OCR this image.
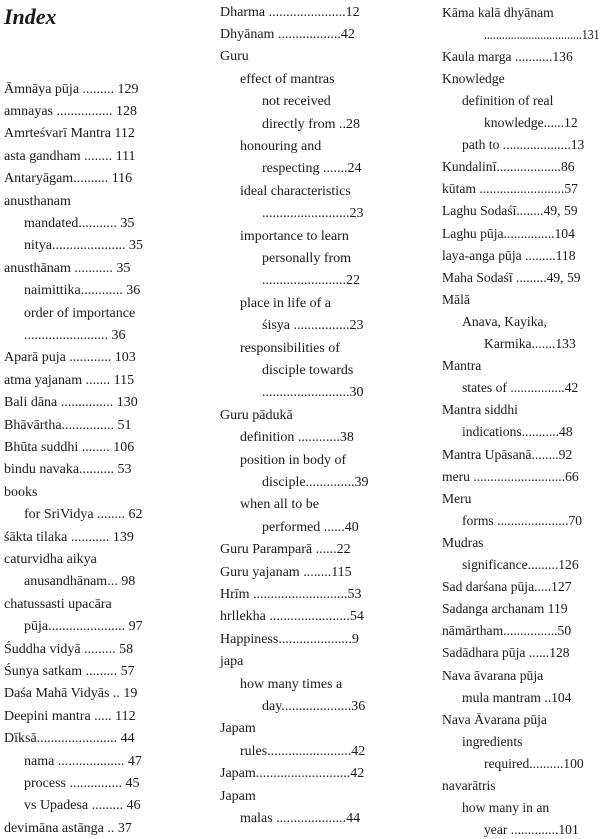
Index
Āmnāya pūja ......... 129
amnayas ................ 128
Amrteśvarī Mantra 112
asta gandham ........ 111
Antaryāgam.......... 116
anusthanam
mandated........... 35
nitya..................... 35
anusthānam ........... 35
naimittika............ 36
order of importance
........................ 36
Aparā puja ............ 103
atma yajanam ....... 115
Bali dāna ............... 130
Bhāvārtha............... 51
Bhūta suddhi ........ 106
bindu navaka.......... 53
books
for SriVidya ........ 62
śākta tilaka ........... 139
caturvidha aikya
anusandhānam... 98
chatussasti upacāra
pūja...................... 97
Śuddha vidyā ......... 58
Śunya satkam ......... 57
Daśa Mahā Vidyās .. 19
Deepini mantra ..... 112
Dīksā....................... 44
nama ................... 47
process ............... 45
vs Upadesa ......... 46
devimāna astānga .. 37
Dharma ......................12
Dhyānam ..................42
Guru
effect of mantras
not received
directly from ..28
honouring and
respecting .......24
ideal characteristics
.........................23
importance to learn
personally from
........................22
place in life of a
śisya ................23
responsibilities of
disciple towards
.........................30
Guru pādukā
definition ............38
position in body of
disciple..............39
when all to be
performed ......40
Guru Paramparā ......22
Guru yajanam ........115
Hrīm ...........................53
hrllekha .......................54
Happiness.....................9
japa
how many times a
day....................36
Japam
rules........................42
Japam...........................42
Japam
malas ....................44
Kāma kalā dhyānam
.................................131
Kaula marga ...........136
Knowledge
definition of real
knowledge......12
path to ....................13
Kundalinī...................86
kūtam .........................57
Laghu Sodaśī........49, 59
Laghu pūja...............104
laya-anga pūja .........118
Maha Sodaśī .........49, 59
Mālā
Anava, Kayika,
Karmika.......133
Mantra
states of ................42
Mantra siddhi
indications...........48
Mantra Upāsanā........92
meru ...........................66
Meru
forms .....................70
Mudras
significance.........126
Sad darśana pūja.....127
Sadanga archanam 119
nāmārtham................50
Sadādhara pūja ......128
Nava āvarana pūja
mula mantram ..104
Nava Āvarana pūja
ingredients
required..........100
navarātris
how many in an
year ..............101
